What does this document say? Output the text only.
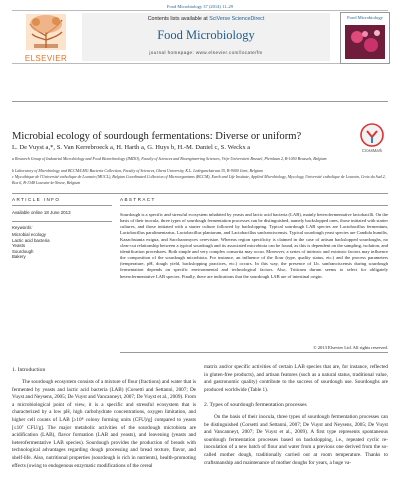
Food Microbiology 37 (2014) 11–29
ELSEVIER
Contents lists available at SciVerse ScienceDirect
Food Microbiology
journal homepage: www.elsevier.com/locate/fm
Food Microbiology
Microbial ecology of sourdough fermentations: Diverse or uniform?
CrossMark
L. De Vuyst a,*, S. Van Kerrebroeck a, H. Harth a, G. Huys b, H.-M. Daniel c, S. Weckx a
a Research Group of Industrial Microbiology and Food Biotechnology (IMDO), Faculty of Sciences and Bioengineering Sciences, Vrije Universiteit Brussel, Pleinlaan 2, B-1050 Brussels, Belgium
b Laboratory of Microbiology and BCCM/LMG Bacteria Collection, Faculty of Sciences, Ghent University, K.L. Ledeganckstraat 35, B-9000 Gent, Belgium
c Mycothèque de l'Université catholique de Louvain (MUCL), Belgian Coordinated Collection of Microorganisms (BCCM), Earth and Life Institute, Applied Microbiology, Mycology, Université catholique de Louvain, Croix du Sud 2, Box 6, B-1348 Louvain-la-Neuve, Belgium
ARTICLE INFO
Available online 18 June 2013
Keywords:
Microbial ecology
Lactic acid bacteria
Yeasts
Sourdough
Bakery
ABSTRACT
Sourdough is a specific and stressful ecosystem inhabited by yeasts and lactic acid bacteria (LAB), mainly heterofermentative lactobacilli. On the basis of their inocula, three types of sourdough fermentation processes can be distinguished, namely backslopped ones, those initiated with starter cultures, and those initiated with a starter culture followed by backslopping. Typical sourdough LAB species are Lactobacillus fermentum, Lactobacillus paralimentarius, Lactobacillus plantarum, and Lactobacillus sanfranciscensis. Typical sourdough yeast species are Candida humilis, Kazachstania exigua, and Saccharomyces cerevisiae. Whereas region specificity is claimed in the case of artisan backslopped sourdoughs, no clear-cut relationship between a typical sourdough and its associated microbiota can be found, as this is dependent on the sampling, isolation, and identification procedures. Both simple and very complex consortia may occur. Moreover, a series of intrinsic and extrinsic factors may influence the composition of the sourdough microbiota. For instance, an influence of the flour (type, quality status, etc.) and the process parameters (temperature, pH, dough yield, backslopping practices, etc.) occurs. In this way, the presence of Lb. sanfranciscensis during sourdough fermentation depends on specific environmental and technological factors. Also, Triticum durum seems to select for obligately heterofermentative LAB species. Finally, there are indications that the sourdough LAB are of intestinal origin.
© 2013 Elsevier Ltd. All rights reserved.
1. Introduction
The sourdough ecosystem consists of a mixture of flour (fractions) and water that is fermented by yeasts and lactic acid bacteria (LAB) (Corsetti and Settanni, 2007; De Vuyst and Neysens, 2005; De Vuyst and Vancanneyt, 2007; De Vuyst et al., 2009). From a microbiological point of view, it is a specific and stressful ecosystem that is characterized by a low pH, high carbohydrate concentrations, oxygen limitation, and higher cell counts of LAB [≥10⁸ colony forming units (CFU)/g] compared to yeasts [≤10⁷ CFU/g]. The major metabolic activities of the sourdough microbiota are acidification (LAB), flavor formation (LAB and yeasts), and leavening (yeasts and heterofermentative LAB species). Sourdough provides the production of breads with technological advantages regarding dough processing and bread texture, flavor, and shelf-life. Also, nutritional properties (sourdough is rich in nutrients), health-promoting effects (owing to endogenous enzymatic modifications of the cereal
matrix and/or specific activities of certain LAB species that are, for instance, reflected in gluten-free products), and artisan features (such as a natural status, traditional value, and gastronomic quality) contribute to the success of sourdough use. Sourdoughs are produced worldwide (Table 1).
2. Types of sourdough fermentation processes
On the basis of their inocula, three types of sourdough fermentation processes can be distinguished (Corsetti and Settanni, 2007; De Vuyst and Neysens, 2005; De Vuyst and Vancanneyt, 2007; De Vuyst et al., 2009). A first type represents spontaneous sourdough fermentation processes based on backslopping, i.e., repeated cyclic re-inoculation of a new batch of flour and water from a previous one derived from the so-called mother dough, traditionally carried out at room temperature. Thanks to craftsmanship and maintenance of mother doughs for years, a huge va-
